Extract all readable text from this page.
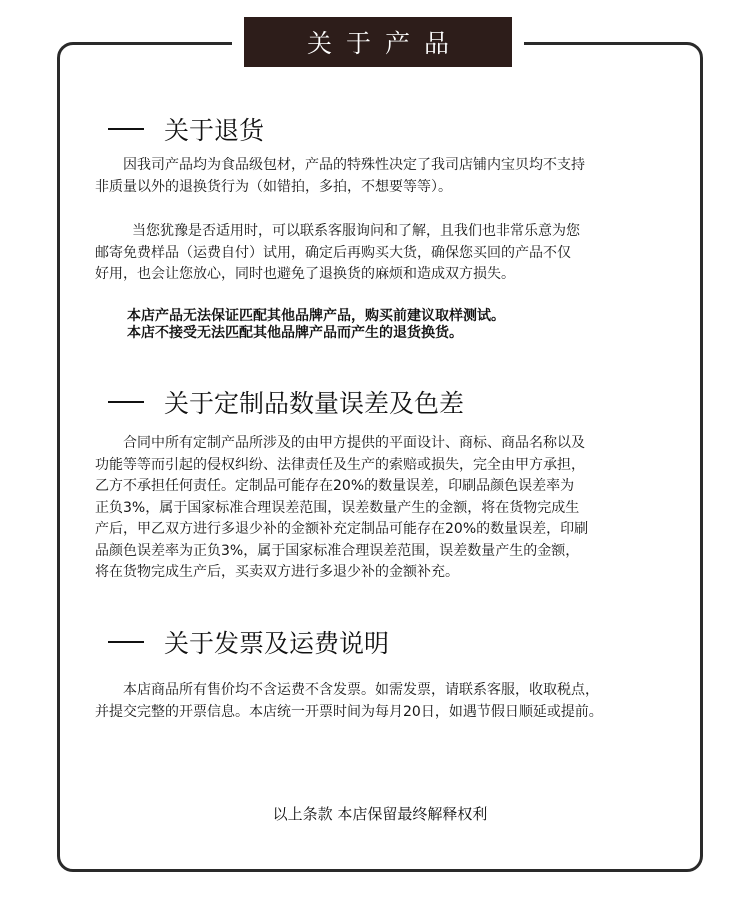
关于产品
关于退货

因我司产品均为食品级包材，产品的特殊性决定了我司店铺内宝贝均不支持
非质量以外的退换货行为（如错拍，多拍，不想要等等）。

当您犹豫是否适用时，可以联系客服询问和了解，且我们也非常乐意为您
邮寄免费样品（运费自付）试用，确定后再购买大货，确保您买回的产品不仅
好用，也会让您放心，同时也避免了退换货的麻烦和造成双方损失。

本店产品无法保证匹配其他品牌产品，购买前建议取样测试。
本店不接受无法匹配其他品牌产品而产生的退货换货。
关于定制品数量误差及色差

合同中所有定制产品所涉及的由甲方提供的平面设计、商标、商品名称以及
功能等等而引起的侵权纠纷、法律责任及生产的索赔或损失，完全由甲方承担，
乙方不承担任何责任。定制品可能存在20%的数量误差，印刷品颜色误差率为
正负3%，属于国家标准合理误差范围，误差数量产生的金额，将在货物完成生
产后，甲乙双方进行多退少补的金额补充定制品可能存在20%的数量误差，印刷
品颜色误差率为正负3%，属于国家标准合理误差范围，误差数量产生的金额，
将在货物完成生产后，买卖双方进行多退少补的金额补充。

关于发票及运费说明

本店商品所有售价均不含运费不含发票。如需发票，请联系客服，收取税点，
并提交完整的开票信息。本店统一开票时间为每月20日，如遇节假日顺延或提前。

以上条款 本店保留最终解释权利
